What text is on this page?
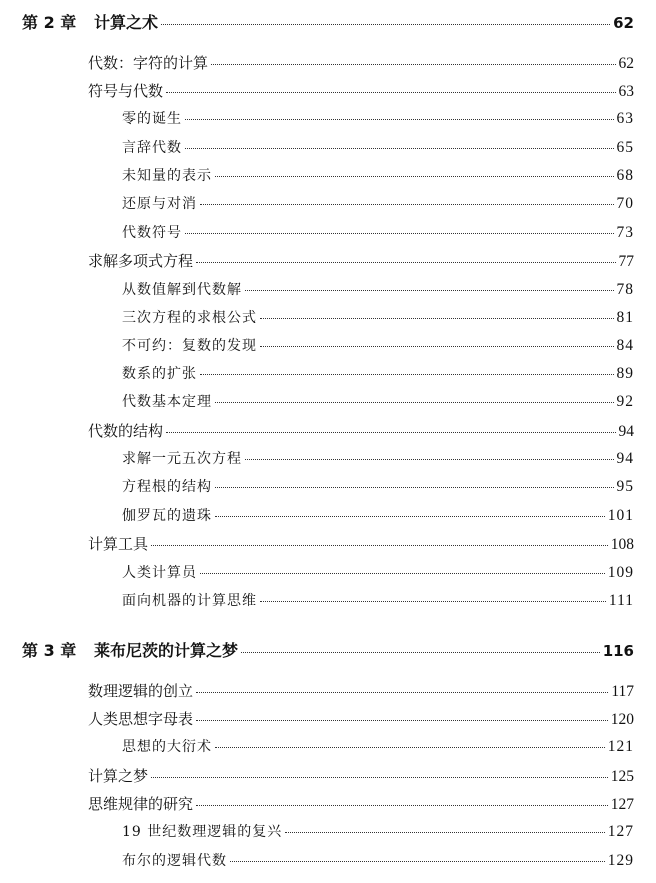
第 2 章	计算之术	62
代数：字符的计算	62
符号与代数	63
零的诞生	63
言辞代数	65
未知量的表示	68
还原与对消	70
代数符号	73
求解多项式方程	77
从数值解到代数解	78
三次方程的求根公式	81
不可约：复数的发现	84
数系的扩张	89
代数基本定理	92
代数的结构	94
求解一元五次方程	94
方程根的结构	95
伽罗瓦的遗珠	101
计算工具	108
人类计算员	109
面向机器的计算思维	111
第 3 章	莱布尼茨的计算之梦	116
数理逻辑的创立	117
人类思想字母表	120
思想的大衍术	121
计算之梦	125
思维规律的研究	127
19 世纪数理逻辑的复兴	127
布尔的逻辑代数	129
